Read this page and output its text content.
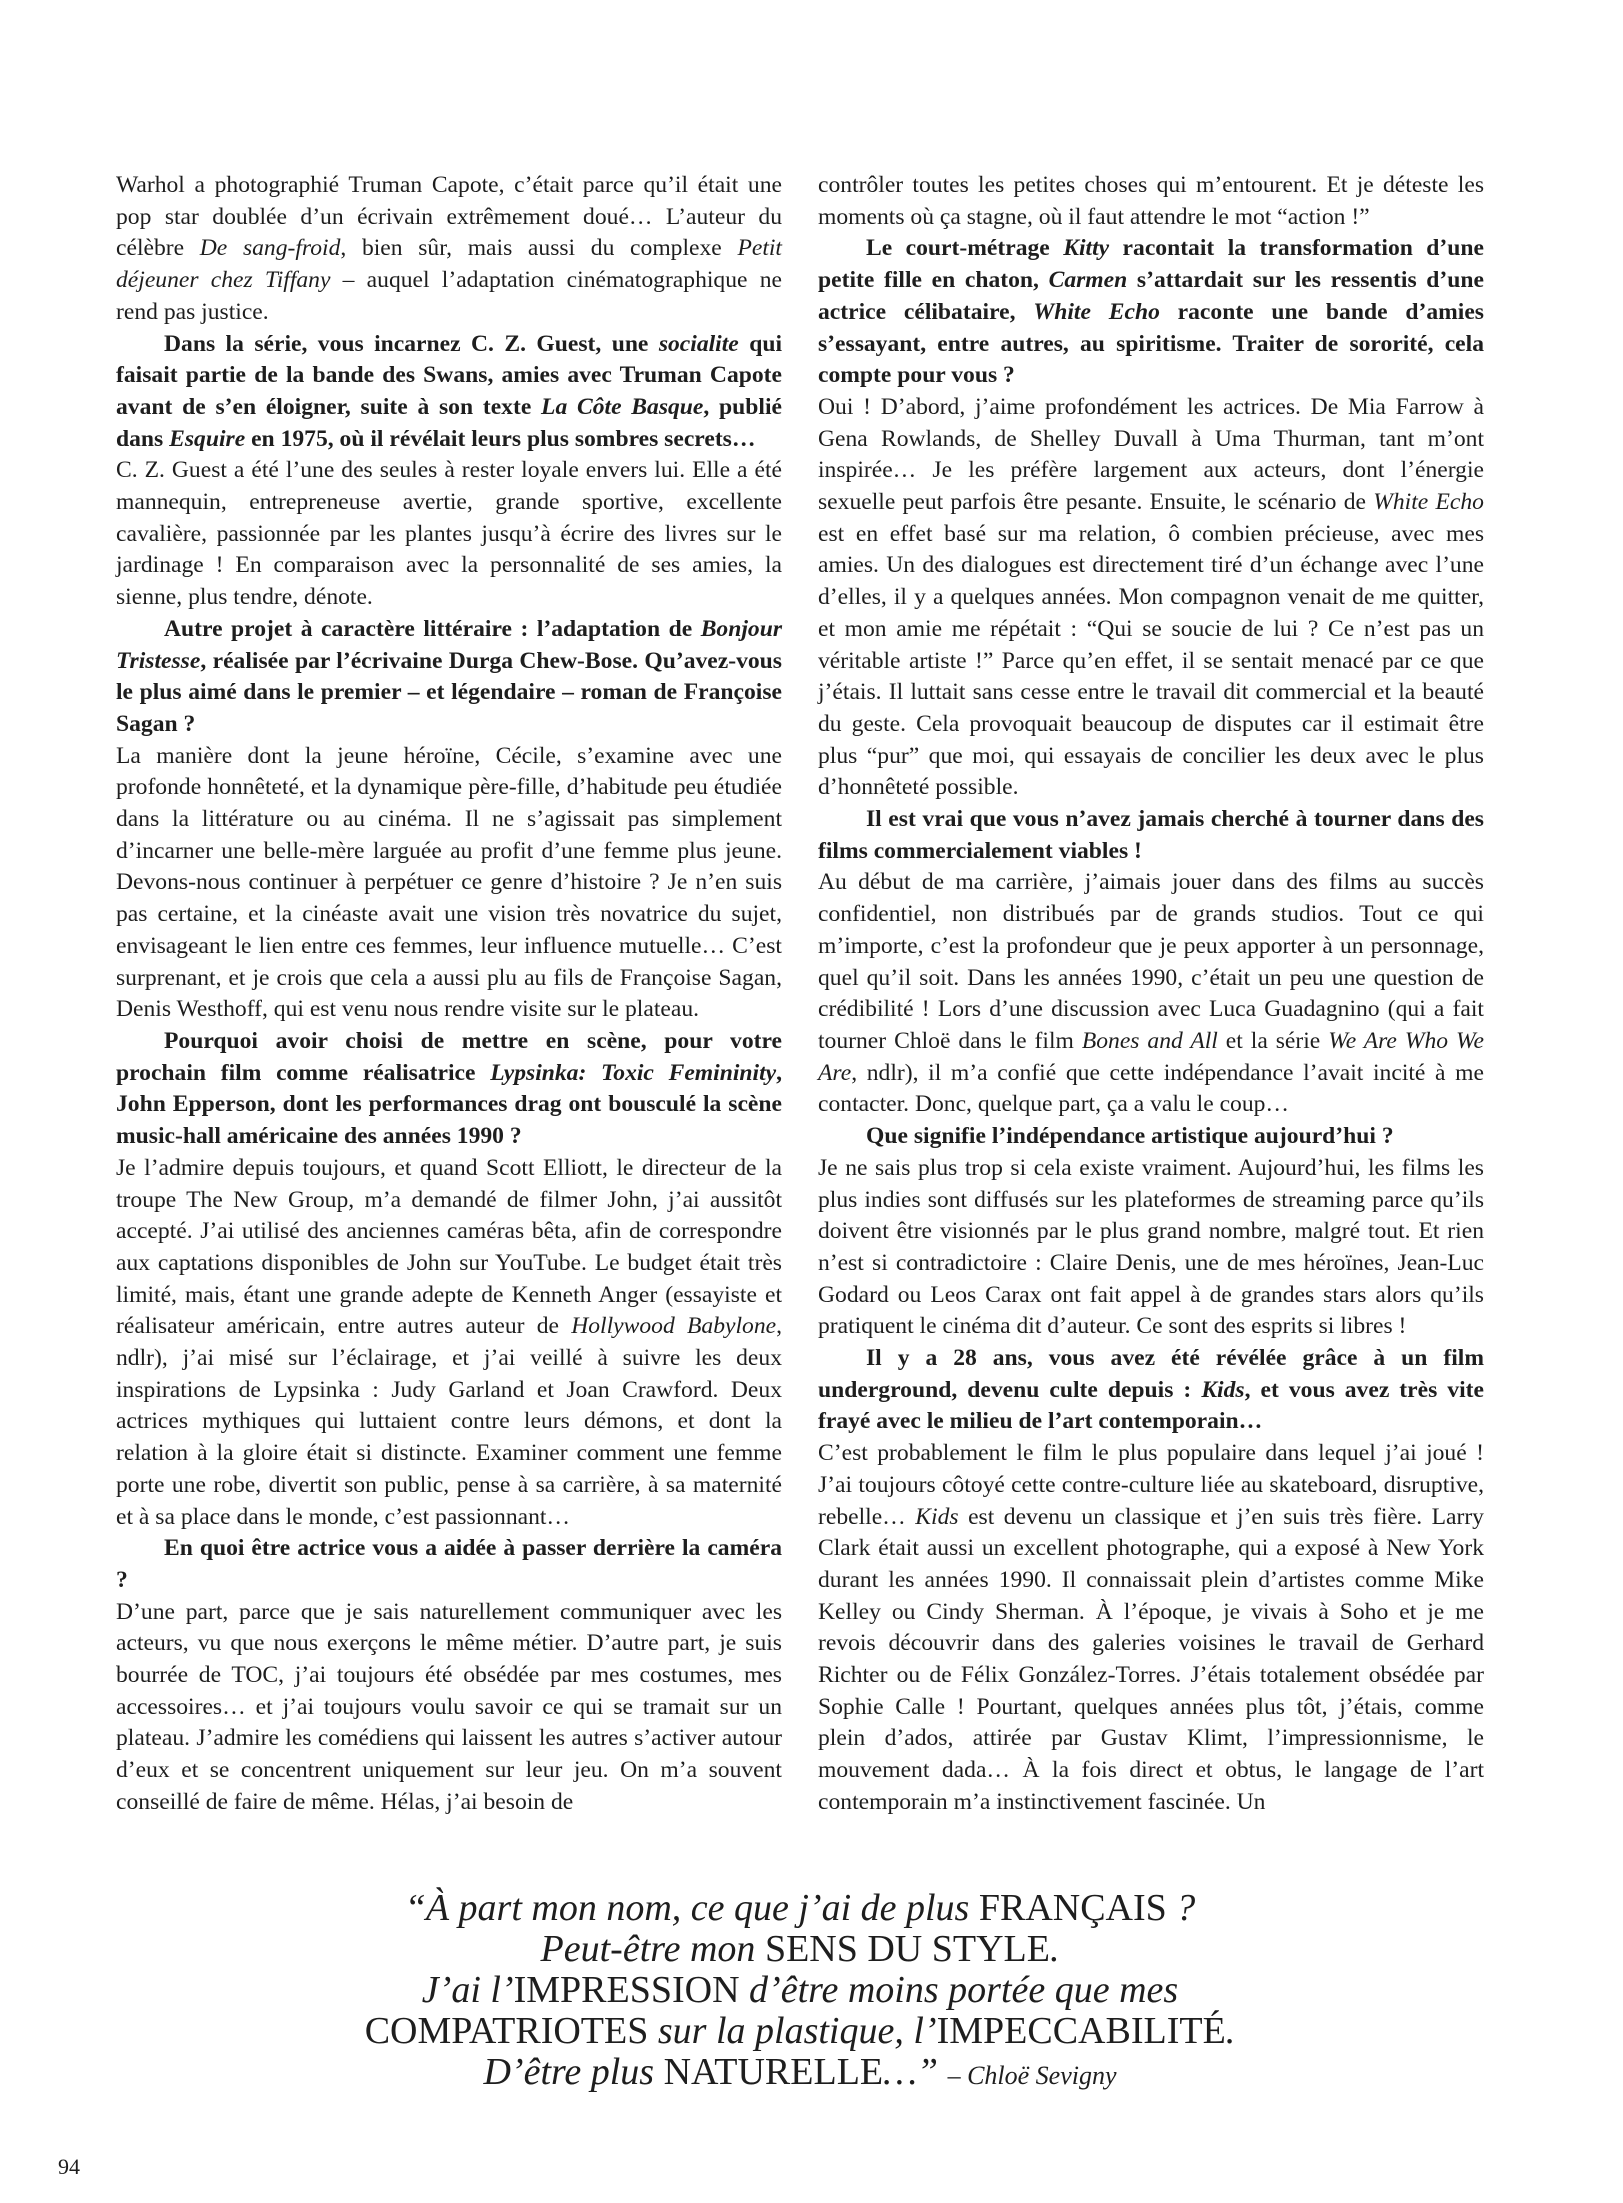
Warhol a photographié Truman Capote, c’était parce qu’il était une pop star doublée d’un écrivain extrêmement doué… L’auteur du célèbre De sang-froid, bien sûr, mais aussi du complexe Petit déjeuner chez Tiffany – auquel l’adaptation cinématographique ne rend pas justice.

Dans la série, vous incarnez C. Z. Guest, une socialite qui faisait partie de la bande des Swans, amies avec Truman Capote avant de s’en éloigner, suite à son texte La Côte Basque, publié dans Esquire en 1975, où il révélait leurs plus sombres secrets…

C. Z. Guest a été l’une des seules à rester loyale envers lui. Elle a été mannequin, entrepreneuse avertie, grande sportive, excellente cavalière, passionnée par les plantes jusqu’à écrire des livres sur le jardinage ! En comparaison avec la personnalité de ses amies, la sienne, plus tendre, dénote.

Autre projet à caractère littéraire : l’adaptation de Bonjour Tristesse, réalisée par l’écrivaine Durga Chew-Bose. Qu’avez-vous le plus aimé dans le premier – et légendaire – roman de Françoise Sagan ?

La manière dont la jeune héroïne, Cécile, s’examine avec une profonde honnêteté, et la dynamique père-fille, d’habitude peu étudiée dans la littérature ou au cinéma. Il ne s’agissait pas simplement d’incarner une belle-mère larguée au profit d’une femme plus jeune. Devons-nous continuer à perpétuer ce genre d’histoire ? Je n’en suis pas certaine, et la cinéaste avait une vision très novatrice du sujet, envisageant le lien entre ces femmes, leur influence mutuelle… C’est surprenant, et je crois que cela a aussi plu au fils de Françoise Sagan, Denis Westhoff, qui est venu nous rendre visite sur le plateau.

Pourquoi avoir choisi de mettre en scène, pour votre prochain film comme réalisatrice Lypsinka: Toxic Femininity, John Epperson, dont les performances drag ont bousculé la scène music-hall américaine des années 1990 ?

Je l’admire depuis toujours, et quand Scott Elliott, le directeur de la troupe The New Group, m’a demandé de filmer John, j’ai aussitôt accepté. J’ai utilisé des anciennes caméras bêta, afin de correspondre aux captations disponibles de John sur YouTube. Le budget était très limité, mais, étant une grande adepte de Kenneth Anger (essayiste et réalisateur américain, entre autres auteur de Hollywood Babylone, ndlr), j’ai misé sur l’éclairage, et j’ai veillé à suivre les deux inspirations de Lypsinka : Judy Garland et Joan Crawford. Deux actrices mythiques qui luttaient contre leurs démons, et dont la relation à la gloire était si distincte. Examiner comment une femme porte une robe, divertit son public, pense à sa carrière, à sa maternité et à sa place dans le monde, c’est passionnant…

En quoi être actrice vous a aidée à passer derrière la caméra ?

D’une part, parce que je sais naturellement communiquer avec les acteurs, vu que nous exerçons le même métier. D’autre part, je suis bourrée de TOC, j’ai toujours été obsédée par mes costumes, mes accessoires… et j’ai toujours voulu savoir ce qui se tramait sur un plateau. J’admire les comédiens qui laissent les autres s’activer autour d’eux et se concentrent uniquement sur leur jeu. On m’a souvent conseillé de faire de même. Hélas, j’ai besoin de

contrôler toutes les petites choses qui m’entourent. Et je déteste les moments où ça stagne, où il faut attendre le mot “action !”

Le court-métrage Kitty racontait la transformation d’une petite fille en chaton, Carmen s’attardait sur les ressentis d’une actrice célibataire, White Echo raconte une bande d’amies s’essayant, entre autres, au spiritisme. Traiter de sororité, cela compte pour vous ?

Oui ! D’abord, j’aime profondément les actrices. De Mia Farrow à Gena Rowlands, de Shelley Duvall à Uma Thurman, tant m’ont inspirée… Je les préfère largement aux acteurs, dont l’énergie sexuelle peut parfois être pesante. Ensuite, le scénario de White Echo est en effet basé sur ma relation, ô combien précieuse, avec mes amies. Un des dialogues est directement tiré d’un échange avec l’une d’elles, il y a quelques années. Mon compagnon venait de me quitter, et mon amie me répétait : “Qui se soucie de lui ? Ce n’est pas un véritable artiste !” Parce qu’en effet, il se sentait menacé par ce que j’étais. Il luttait sans cesse entre le travail dit commercial et la beauté du geste. Cela provoquait beaucoup de disputes car il estimait être plus “pur” que moi, qui essayais de concilier les deux avec le plus d’honnêteté possible.

Il est vrai que vous n’avez jamais cherché à tourner dans des films commercialement viables !

Au début de ma carrière, j’aimais jouer dans des films au succès confidentiel, non distribués par de grands studios. Tout ce qui m’importe, c’est la profondeur que je peux apporter à un personnage, quel qu’il soit. Dans les années 1990, c’était un peu une question de crédibilité ! Lors d’une discussion avec Luca Guadagnino (qui a fait tourner Chloë dans le film Bones and All et la série We Are Who We Are, ndlr), il m’a confié que cette indépendance l’avait incité à me contacter. Donc, quelque part, ça a valu le coup…

Que signifie l’indépendance artistique aujourd’hui ?

Je ne sais plus trop si cela existe vraiment. Aujourd’hui, les films les plus indies sont diffusés sur les plateformes de streaming parce qu’ils doivent être visionnés par le plus grand nombre, malgré tout. Et rien n’est si contradictoire : Claire Denis, une de mes héroïnes, Jean-Luc Godard ou Leos Carax ont fait appel à de grandes stars alors qu’ils pratiquent le cinéma dit d’auteur. Ce sont des esprits si libres !

Il y a 28 ans, vous avez été révélée grâce à un film underground, devenu culte depuis : Kids, et vous avez très vite frayé avec le milieu de l’art contemporain…

C’est probablement le film le plus populaire dans lequel j’ai joué ! J’ai toujours côtoyé cette contre-culture liée au skateboard, disruptive, rebelle… Kids est devenu un classique et j’en suis très fière. Larry Clark était aussi un excellent photographe, qui a exposé à New York durant les années 1990. Il connaissait plein d’artistes comme Mike Kelley ou Cindy Sherman. À l’époque, je vivais à Soho et je me revois découvrir dans des galeries voisines le travail de Gerhard Richter ou de Félix González-Torres. J’étais totalement obsédée par Sophie Calle ! Pourtant, quelques années plus tôt, j’étais, comme plein d’ados, attirée par Gustav Klimt, l’impressionnisme, le mouvement dada… À la fois direct et obtus, le langage de l’art contemporain m’a instinctivement fascinée. Un

“À part mon nom, ce que j’ai de plus FRANÇAIS ?
Peut-être mon SENS DU STYLE.
J’ai l’IMPRESSION d’être moins portée que mes
COMPATRIOTES sur la plastique, l’IMPECCABILITÉ.
D’être plus NATURELLE…” – Chloë Sevigny
94
